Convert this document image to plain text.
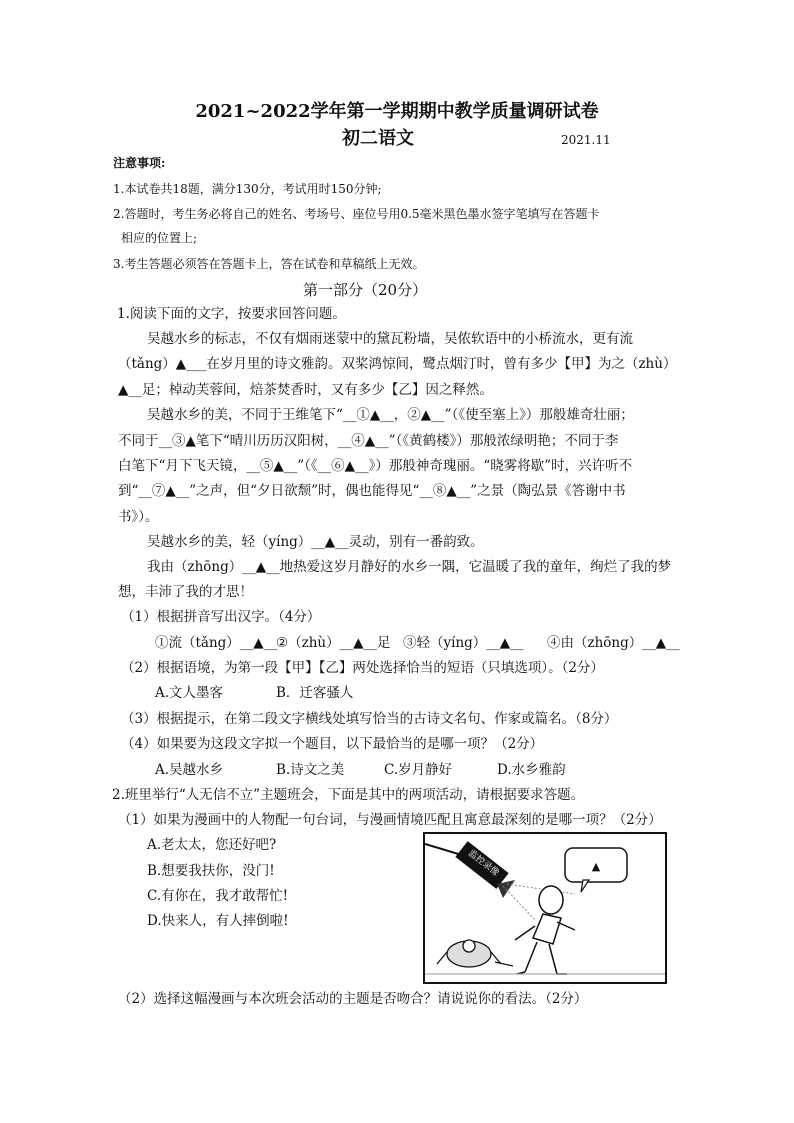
2021~2022学年第一学期期中教学质量调研试卷
初二语文	2021.11
注意事项:
1.本试卷共18题，满分130分，考试用时150分钟;
2.答题时，考生务必将自己的姓名、考场号、座位号用0.5毫米黑色墨水签字笔填写在答题卡
相应的位置上;
3.考生答题必须答在答题卡上，答在试卷和草稿纸上无效。
第一部分（20分）
1.阅读下面的文字，按要求回答问题。
吴越水乡的标志，不仅有烟雨迷蒙中的黛瓦粉墙，吴侬软语中的小桥流水，更有流
（tǎng）▲___在岁月里的诗文雅韵。双桨鸿惊间，鹭点烟汀时，曾有多少【甲】为之（zhù）
▲__足；棹动芙蓉间，焙茶焚香时，又有多少【乙】因之释然。
吴越水乡的美，不同于王维笔下“__①▲__，②▲__”（《使至塞上》）那般雄奇壮丽；
不同于__③▲笔下“晴川历历汉阳树，__④▲__”（《黄鹤楼》）那般浓绿明艳；不同于李
白笔下“月下飞天镜，__⑤▲__”（《__⑥▲__》）那般神奇瑰丽。“晓雾将歇”时，兴许听不
到“__⑦▲__”之声，但“夕日欲颓”时，偶也能得见“__⑧▲__”之景（陶弘景《答谢中书
书》）。
吴越水乡的美，轻（yíng）__▲__灵动，别有一番韵致。
我由（zhōng）__▲__地热爱这岁月静好的水乡一隅，它温暖了我的童年，绚烂了我的梦
想，丰沛了我的才思！
（1）根据拼音写出汉字。（4分）
①流（tǎng）__▲__
②（zhù）__▲__足 ③轻（yíng）__▲__ ④由（zhōng）__▲__
（2）根据语境，为第一段【甲】【乙】两处选择恰当的短语（只填选项）。（2分）
A.文人墨客	B．迁客骚人
（3）根据提示，在第二段文字横线处填写恰当的古诗文名句、作家或篇名。（8分）
（4）如果要为这段文字拟一个题目，以下最恰当的是哪一项？（2分）
A.吴越水乡	B.诗文之美	C.岁月静好	D.水乡雅韵
2.班里举行“人无信不立”主题班会，下面是其中的两项活动，请根据要求答题。
（1）如果为漫画中的人物配一句台词，与漫画情境匹配且寓意最深刻的是哪一项？（2分）
A.老太太，您还好吧?
B.想要我扶你，没门!
C.有你在，我才敢帮忙!
D.快来人，有人摔倒啦!
监控录像	▲
（2）选择这幅漫画与本次班会活动的主题是否吻合？请说说你的看法。（2分）
